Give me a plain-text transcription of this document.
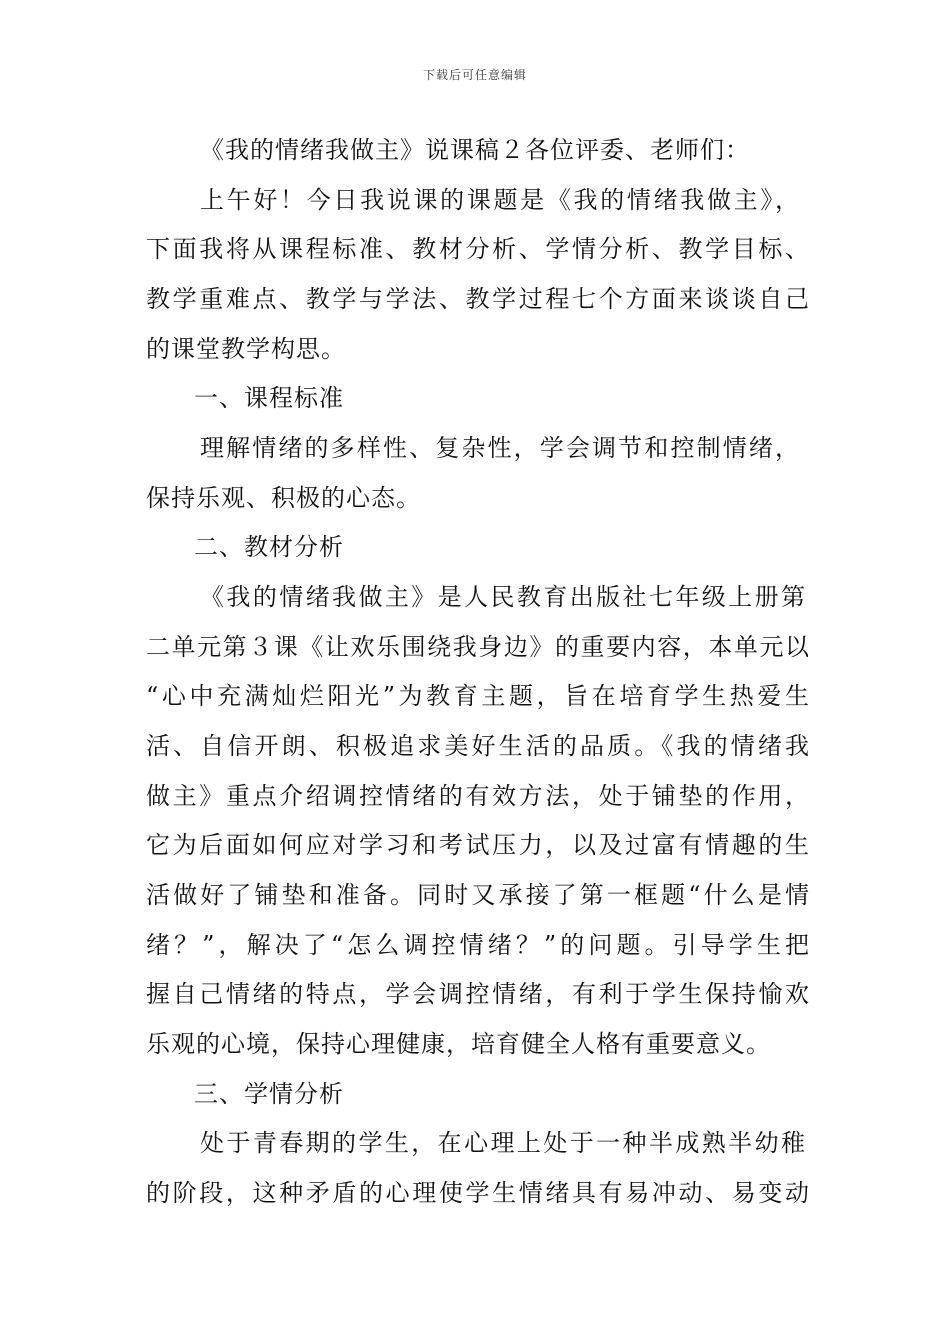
下载后可任意编辑
《我的情绪我做主》说课稿２各位评委、老师们：
上午好！今日我说课的课题是《我的情绪我做主》，
下面我将从课程标准、教材分析、学情分析、教学目标、
教学重难点、教学与学法、教学过程七个方面来谈谈自己
的课堂教学构思。
一、课程标准
理解情绪的多样性、复杂性，学会调节和控制情绪，
保持乐观、积极的心态。
二、教材分析
《我的情绪我做主》是人民教育出版社七年级上册第
二单元第３课《让欢乐围绕我身边》的重要内容，本单元以
“心中充满灿烂阳光”为教育主题，旨在培育学生热爱生
活、自信开朗、积极追求美好生活的品质。《我的情绪我
做主》重点介绍调控情绪的有效方法，处于铺垫的作用，
它为后面如何应对学习和考试压力，以及过富有情趣的生
活做好了铺垫和准备。同时又承接了第一框题“什么是情
绪？”，解决了“怎么调控情绪？”的问题。引导学生把
握自己情绪的特点，学会调控情绪，有利于学生保持愉欢
乐观的心境，保持心理健康，培育健全人格有重要意义。
三、学情分析
处于青春期的学生，在心理上处于一种半成熟半幼稚
的阶段，这种矛盾的心理使学生情绪具有易冲动、易变动
